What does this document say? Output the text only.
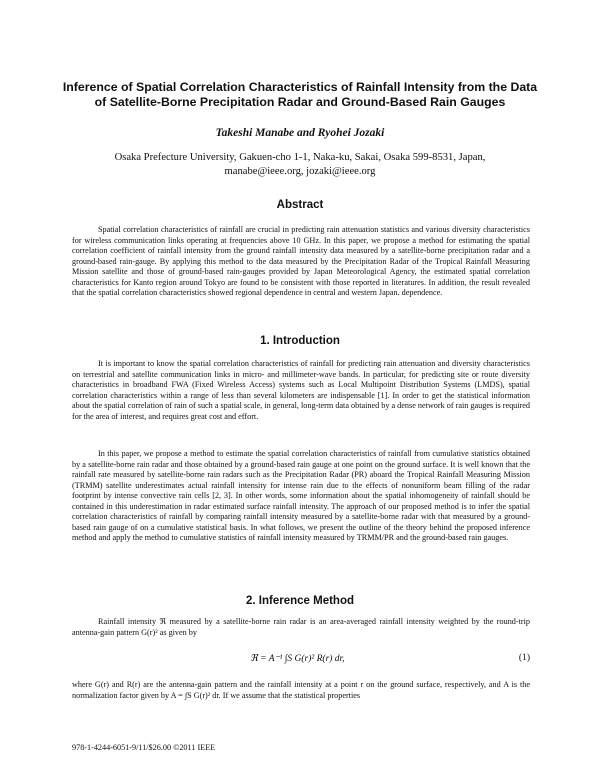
Inference of Spatial Correlation Characteristics of Rainfall Intensity from the Data of Satellite-Borne Precipitation Radar and Ground-Based Rain Gauges

Takeshi Manabe and Ryohei Jozaki

Osaka Prefecture University, Gakuen-cho 1-1, Naka-ku, Sakai, Osaka 599-8531, Japan,
manabe@ieee.org, jozaki@ieee.org
Abstract

Spatial correlation characteristics of rainfall are crucial in predicting rain attenuation statistics and various diversity characteristics for wireless communication links operating at frequencies above 10 GHz. In this paper, we propose a method for estimating the spatial correlation coefficient of rainfall intensity from the ground rainfall intensity data measured by a satellite-borne precipitation radar and a ground-based rain-gauge. By applying this method to the data measured by the Precipitation Radar of the Tropical Rainfall Measuring Mission satellite and those of ground-based rain-gauges provided by Japan Meteorological Agency, the estimated spatial correlation characteristics for Kanto region around Tokyo are found to be consistent with those reported in literatures. In addition, the result revealed that the spatial correlation characteristics showed regional dependence in central and western Japan. dependence.

1. Introduction

It is important to know the spatial correlation characteristics of rainfall for predicting rain attenuation and diversity characteristics on terrestrial and satellite communication links in micro- and millimeter-wave bands. In particular, for predicting site or route diversity characteristics in broadband FWA (Fixed Wireless Access) systems such as Local Multipoint Distribution Systems (LMDS), spatial correlation characteristics within a range of less than several kilometers are indispensable [1]. In order to get the statistical information about the spatial correlation of rain of such a spatial scale, in general, long-term data obtained by a dense network of rain gauges is required for the area of interest, and requires great cost and effort.

In this paper, we propose a method to estimate the spatial correlation characteristics of rainfall from cumulative statistics obtained by a satellite-borne rain radar and those obtained by a ground-based rain gauge at one point on the ground surface. It is well known that the rainfall rate measured by satellite-borne rain radars such as the Precipitation Radar (PR) aboard the Tropical Rainfall Measuring Mission (TRMM) satellite underestimates actual rainfall intensity for intense rain due to the effects of nonuniform beam filling of the radar footprint by intense convective rain cells [2, 3]. In other words, some information about the spatial inhomogeneity of rainfall should be contained in this underestimation in radar estimated surface rainfall intensity. The approach of our proposed method is to infer the spatial correlation characteristics of rainfall by comparing rainfall intensity measured by a satellite-borne radar with that measured by a ground-based rain gauge of on a cumulative statistical basis. In what follows, we present the outline of the theory behind the proposed inference method and apply the method to cumulative statistics of rainfall intensity measured by TRMM/PR and the ground-based rain gauges.

2. Inference Method

Rainfall intensity ℜ measured by a satellite-borne rain radar is an area-averaged rainfall intensity weighted by the round-trip antenna-gain pattern G(r)² as given by

ℜ = A⁻¹ ∫S G(r)² R(r) dr,	(1)

where G(r) and R(r) are the antenna-gain pattern and the rainfall intensity at a point r on the ground surface, respectively, and A is the normalization factor given by A = ∫S G(r)² dr. If we assume that the statistical properties

978-1-4244-6051-9/11/$26.00 ©2011 IEEE
